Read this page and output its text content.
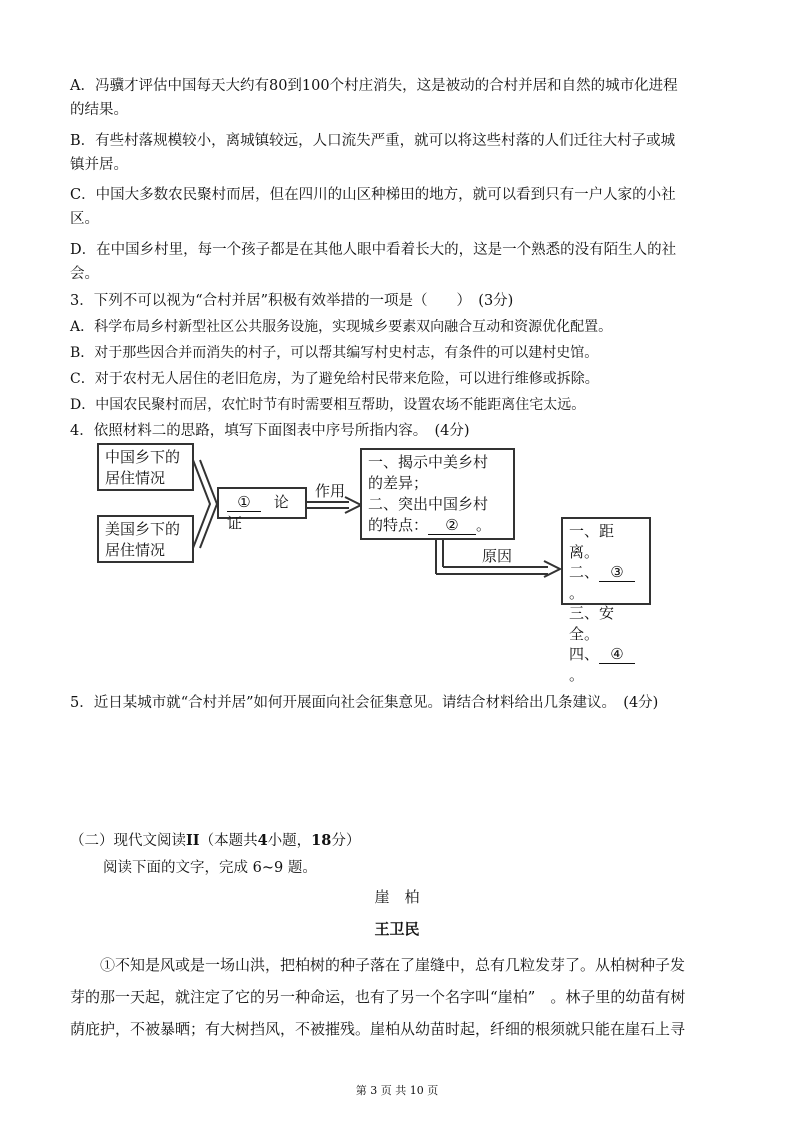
A．冯骥才评估中国每天大约有80到100个村庄消失，这是被动的合村并居和自然的城市化进程
的结果。
B．有些村落规模较小，离城镇较远，人口流失严重，就可以将这些村落的人们迁往大村子或城
镇并居。
C．中国大多数农民聚村而居，但在四川的山区种梯田的地方，就可以看到只有一户人家的小社
区。
D．在中国乡村里，每一个孩子都是在其他人眼中看着长大的，这是一个熟悉的没有陌生人的社
会。
3．下列不可以视为“合村并居”积极有效举措的一项是（　　）　(3分)
A．科学布局乡村新型社区公共服务设施，实现城乡要素双向融合互动和资源优化配置。
B．对于那些因合并而消失的村子，可以帮其编写村史村志，有条件的可以建村史馆。
C．对于农村无人居住的老旧危房，为了避免给村民带来危险，可以进行维修或拆除。
D．中国农民聚村而居，农忙时节有时需要相互帮助，设置农场不能距离住宅太远。
4．依照材料二的思路，填写下面图表中序号所指内容。　(4分)
中国乡下的
居住情况
美国乡下的
居住情况
① 论证
作用
一、揭示中美乡村
的差异；
二、突出中国乡村
的特点： ② 。
原因
一、距离。
二、 ③。
三、安全。
四、 ④。
5．近日某城市就“合村并居”如何开展面向社会征集意见。请结合材料给出几条建议。　(4分)
（二）现代文阅读II（本题共4小题，18分）
阅读下面的文字，完成 6~9 题。
崖　柏
王卫民
①不知是风或是一场山洪，把柏树的种子落在了崖缝中，总有几粒发芽了。从柏树种子发
芽的那一天起，就注定了它的另一种命运，也有了另一个名字叫“崖柏”　。林子里的幼苗有树
荫庇护，不被暴晒；有大树挡风，不被摧残。崖柏从幼苗时起，纤细的根须就只能在崖石上寻
第 3 页 共 10 页
